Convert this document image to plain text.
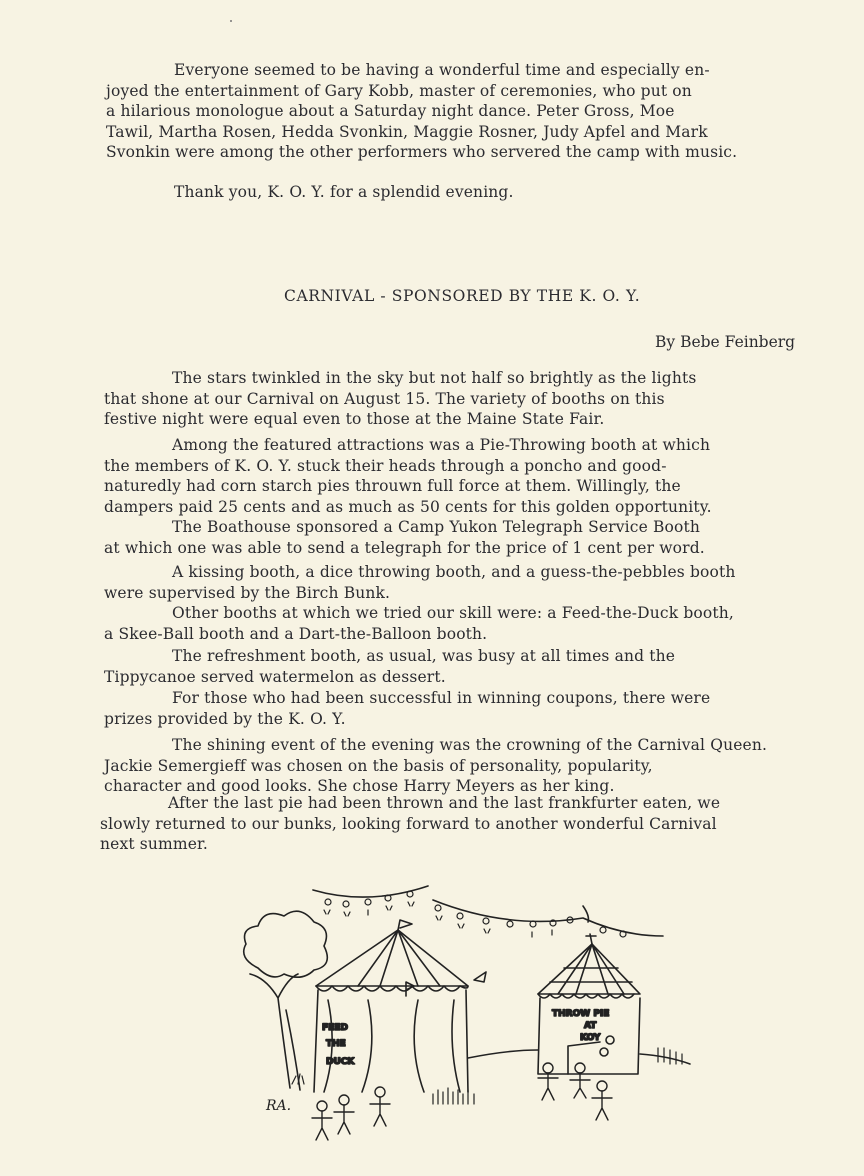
Everyone seemed to be having a wonderful time and especially en-
joyed the entertainment of Gary Kobb, master of ceremonies, who put on
a hilarious monologue about a Saturday night dance. Peter Gross, Moe
Tawil, Martha Rosen, Hedda Svonkin, Maggie Rosner, Judy Apfel and Mark
Svonkin were among the other performers who servered the camp with music.
Thank you, K. O. Y. for a splendid evening.
CARNIVAL - SPONSORED BY THE K. O. Y.
By Bebe Feinberg
The stars twinkled in the sky but not half so brightly as the lights
that shone at our Carnival on August 15. The variety of booths on this
festive night were equal even to those at the Maine State Fair.
Among the featured attractions was a Pie-Throwing booth at which
the members of K. O. Y. stuck their heads through a poncho and good-
naturedly had corn starch pies throuwn full force at them. Willingly, the
dampers paid 25 cents and as much as 50 cents for this golden opportunity.
The Boathouse sponsored a Camp Yukon Telegraph Service Booth
at which one was able to send a telegraph for the price of 1 cent per word.
A kissing booth, a dice throwing booth, and a guess-the-pebbles booth
were supervised by the Birch Bunk.
Other booths at which we tried our skill were: a Feed-the-Duck booth,
a Skee-Ball booth and a Dart-the-Balloon booth.
The refreshment booth, as usual, was busy at all times and the
Tippycanoe served watermelon as dessert.
For those who had been successful in winning coupons, there were
prizes provided by the K. O. Y.
The shining event of the evening was the crowning of the Carnival Queen.
Jackie Semergieff was chosen on the basis of personality, popularity,
character and good looks. She chose Harry Meyers as her king.
After the last pie had been thrown and the last frankfurter eaten, we
slowly returned to our bunks, looking forward to another wonderful Carnival
next summer.
FEED
THE
DUCK
THROW PIE
AT
KOY
RA.
